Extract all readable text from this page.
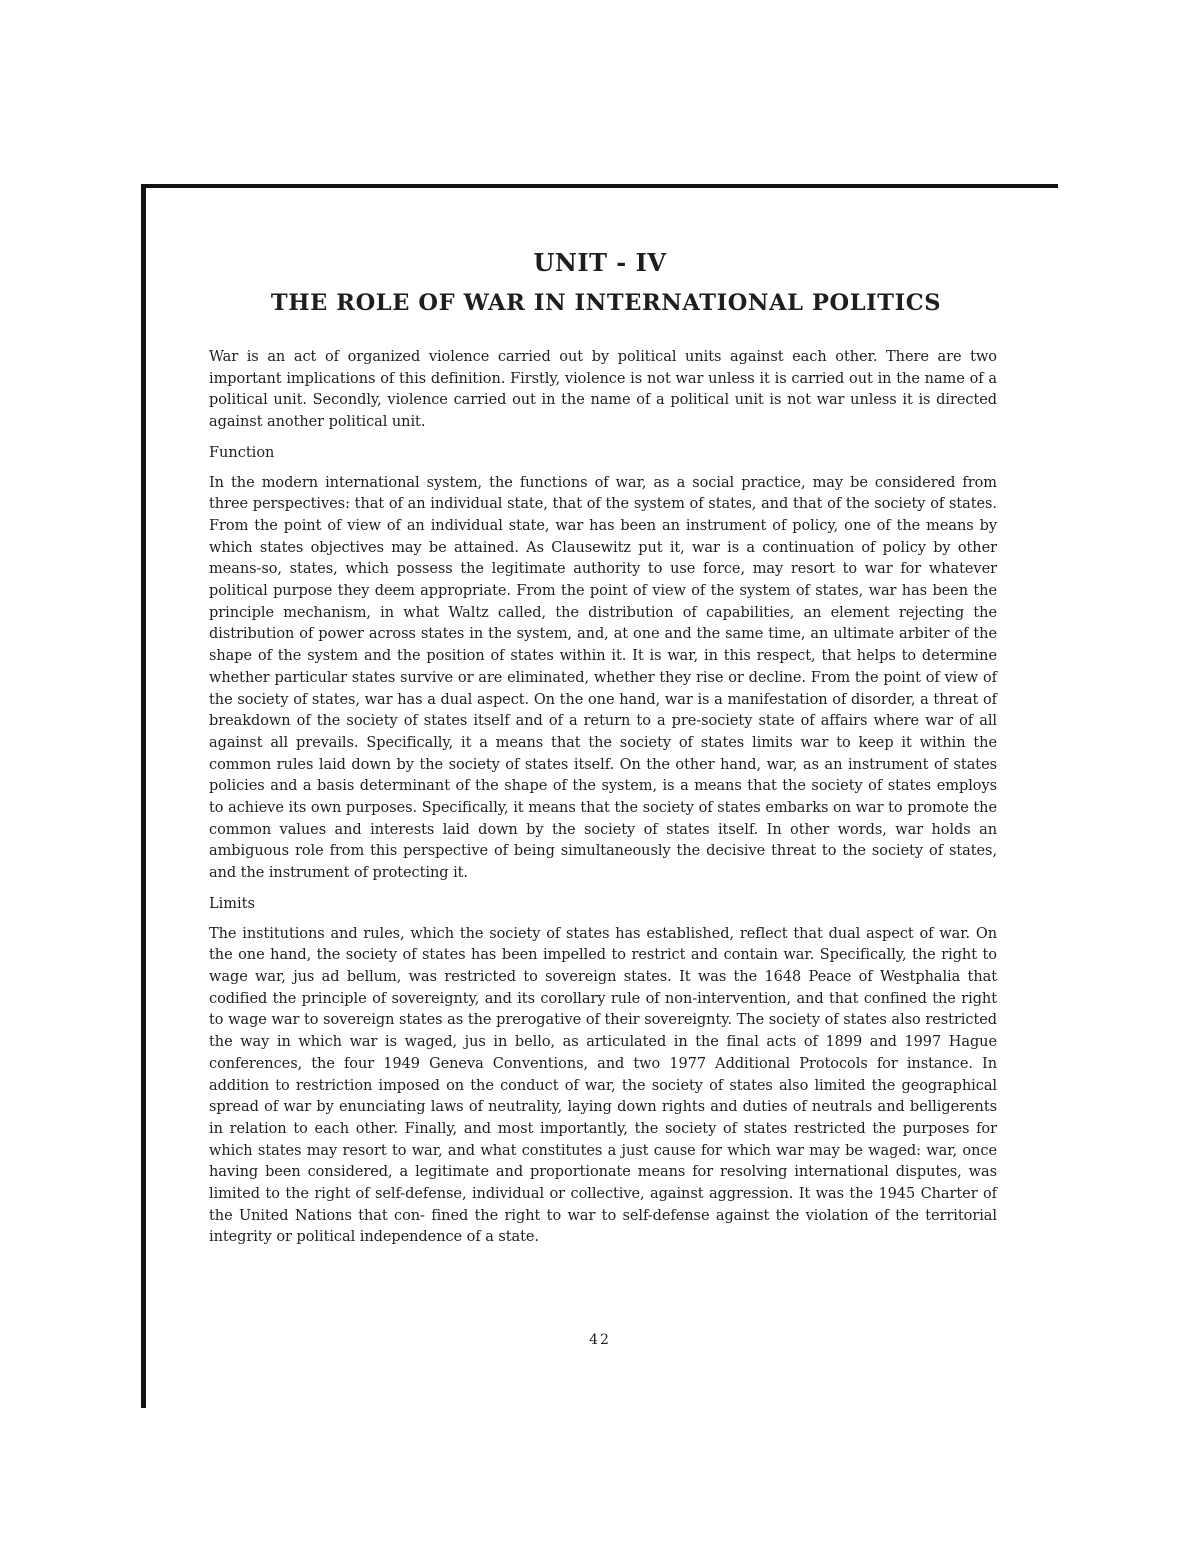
UNIT - IV
THE ROLE OF WAR IN INTERNATIONAL POLITICS

War is an act of organized violence carried out by political units against each other. There are two important implications of this definition. Firstly, violence is not war unless it is carried out in the name of a political unit. Secondly, violence carried out in the name of a political unit is not war unless it is directed against another political unit.

Function

In the modern international system, the functions of war, as a social practice, may be considered from three perspectives: that of an individual state, that of the system of states, and that of the society of states. From the point of view of an individual state, war has been an instrument of policy, one of the means by which states objectives may be attained. As Clausewitz put it, war is a continuation of policy by other means-so, states, which possess the legitimate authority to use force, may resort to war for whatever political purpose they deem appropriate. From the point of view of the system of states, war has been the principle mechanism, in what Waltz called, the distribution of capabilities, an element rejecting the distribution of power across states in the system, and, at one and the same time, an ultimate arbiter of the shape of the system and the position of states within it. It is war, in this respect, that helps to determine whether particular states survive or are eliminated, whether they rise or decline. From the point of view of the society of states, war has a dual aspect. On the one hand, war is a manifestation of disorder, a threat of breakdown of the society of states itself and of a return to a pre-society state of affairs where war of all against all prevails. Specifically, it a means that the society of states limits war to keep it within the common rules laid down by the society of states itself. On the other hand, war, as an instrument of states policies and a basis determinant of the shape of the system, is a means that the society of states employs to achieve its own purposes. Specifically, it means that the society of states embarks on war to promote the common values and interests laid down by the society of states itself. In other words, war holds an ambiguous role from this perspective of being simultaneously the decisive threat to the society of states, and the instrument of protecting it.

Limits

The institutions and rules, which the society of states has established, reflect that dual aspect of war. On the one hand, the society of states has been impelled to restrict and contain war. Specifically, the right to wage war, jus ad bellum, was restricted to sovereign states. It was the 1648 Peace of Westphalia that codified the principle of sovereignty, and its corollary rule of non-intervention, and that confined the right to wage war to sovereign states as the prerogative of their sovereignty. The society of states also restricted the way in which war is waged, jus in bello, as articulated in the final acts of 1899 and 1997 Hague conferences, the four 1949 Geneva Conventions, and two 1977 Additional Protocols for instance. In addition to restriction imposed on the conduct of war, the society of states also limited the geographical spread of war by enunciating laws of neutrality, laying down rights and duties of neutrals and belligerents in relation to each other. Finally, and most importantly, the society of states restricted the purposes for which states may resort to war, and what constitutes a just cause for which war may be waged: war, once having been considered, a legitimate and proportionate means for resolving international disputes, was limited to the right of self-defense, individual or collective, against aggression. It was the 1945 Charter of the United Nations that con- fined the right to war to self-defense against the violation of the territorial integrity or political independence of a state.

42
